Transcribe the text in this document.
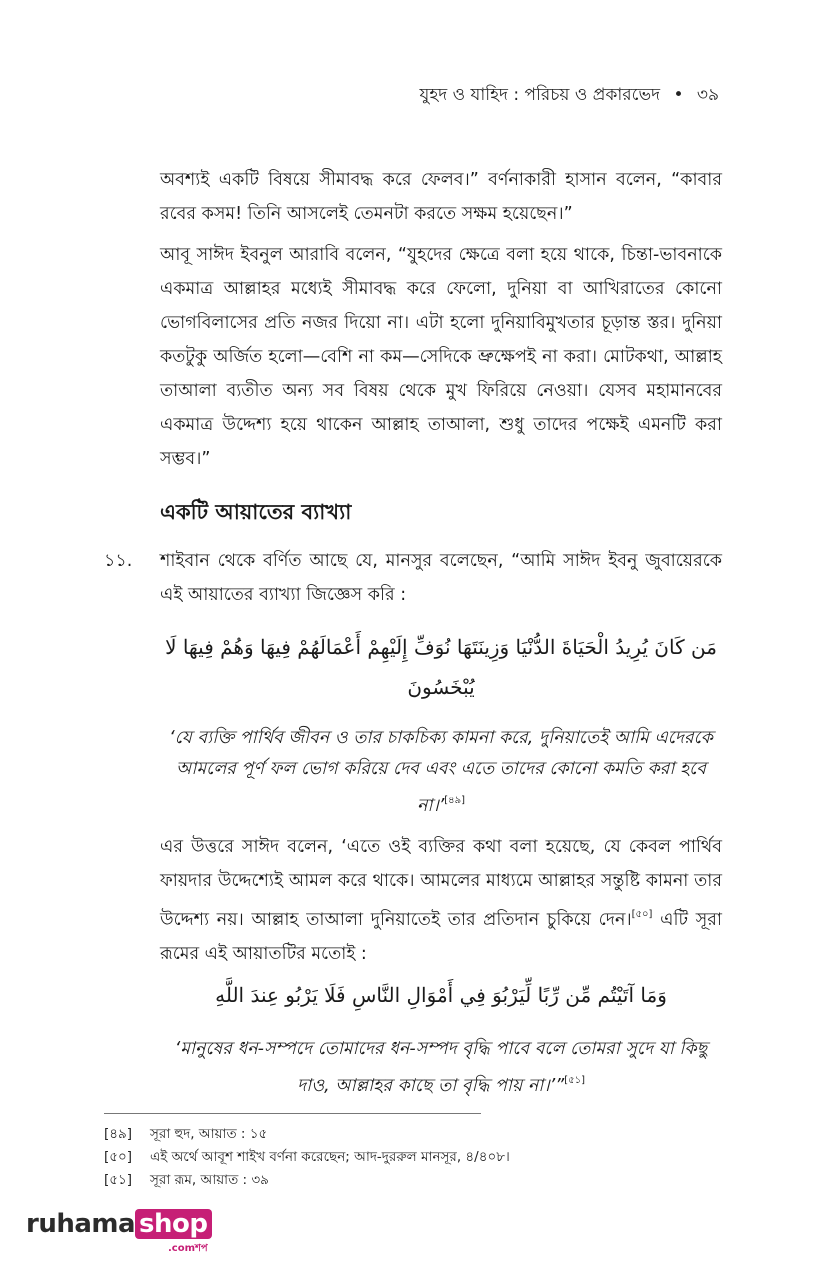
যুহদ ও যাহিদ : পরিচয় ও প্রকারভেদ • ৩৯
অবশ্যই একটি বিষয়ে সীমাবদ্ধ করে ফেলব।” বর্ণনাকারী হাসান বলেন, “কাবার রবের কসম! তিনি আসলেই তেমনটা করতে সক্ষম হয়েছেন।”
আবূ সাঈদ ইবনুল আরাবি বলেন, “যুহদের ক্ষেত্রে বলা হয়ে থাকে, চিন্তা-ভাবনাকে একমাত্র আল্লাহর মধ্যেই সীমাবদ্ধ করে ফেলো, দুনিয়া বা আখিরাতের কোনো ভোগবিলাসের প্রতি নজর দিয়ো না। এটা হলো দুনিয়াবিমুখতার চূড়ান্ত স্তর। দুনিয়া কতটুকু অর্জিত হলো—বেশি না কম—সেদিকে ভ্রুক্ষেপই না করা। মোটকথা, আল্লাহ তাআলা ব্যতীত অন্য সব বিষয় থেকে মুখ ফিরিয়ে নেওয়া। যেসব মহামানবের একমাত্র উদ্দেশ্য হয়ে থাকেন আল্লাহ তাআলা, শুধু তাদের পক্ষেই এমনটি করা সম্ভব।”
একটি আয়াতের ব্যাখ্যা
১১. শাইবান থেকে বর্ণিত আছে যে, মানসুর বলেছেন, “আমি সাঈদ ইবনু জুবায়েরকে এই আয়াতের ব্যাখ্যা জিজ্ঞেস করি :
مَن كَانَ يُرِيدُ الْحَيَاةَ الدُّنْيَا وَزِينَتَهَا نُوَفِّ إِلَيْهِمْ أَعْمَالَهُمْ فِيهَا وَهُمْ فِيهَا لَا يُبْخَسُونَ
‘যে ব্যক্তি পার্থিব জীবন ও তার চাকচিক্য কামনা করে, দুনিয়াতেই আমি এদেরকে আমলের পূর্ণ ফল ভোগ করিয়ে দেব এবং এতে তাদের কোনো কমতি করা হবে না।’[৪৯]
এর উত্তরে সাঈদ বলেন, ‘এতে ওই ব্যক্তির কথা বলা হয়েছে, যে কেবল পার্থিব ফায়দার উদ্দেশ্যেই আমল করে থাকে। আমলের মাধ্যমে আল্লাহর সন্তুষ্টি কামনা তার উদ্দেশ্য নয়। আল্লাহ তাআলা দুনিয়াতেই তার প্রতিদান চুকিয়ে দেন।[৫০] এটি সূরা রূমের এই আয়াতটির মতোই :
وَمَا آتَيْتُم مِّن رِّبًا لِّيَرْبُوَ فِي أَمْوَالِ النَّاسِ فَلَا يَرْبُو عِندَ اللَّهِ
‘মানুষের ধন-সম্পদে তোমাদের ধন-সম্পদ বৃদ্ধি পাবে বলে তোমরা সুদে যা কিছু দাও, আল্লাহর কাছে তা বৃদ্ধি পায় না।’”[৫১]
[৪৯] সূরা হুদ, আয়াত : ১৫
[৫০] এই অর্থে আবূশ শাইখ বর্ণনা করেছেন; আদ-দুররুল মানসূর, ৪/৪০৮।
[৫১] সূরা রূম, আয়াত : ৩৯
ruhama shop
.comশপ
